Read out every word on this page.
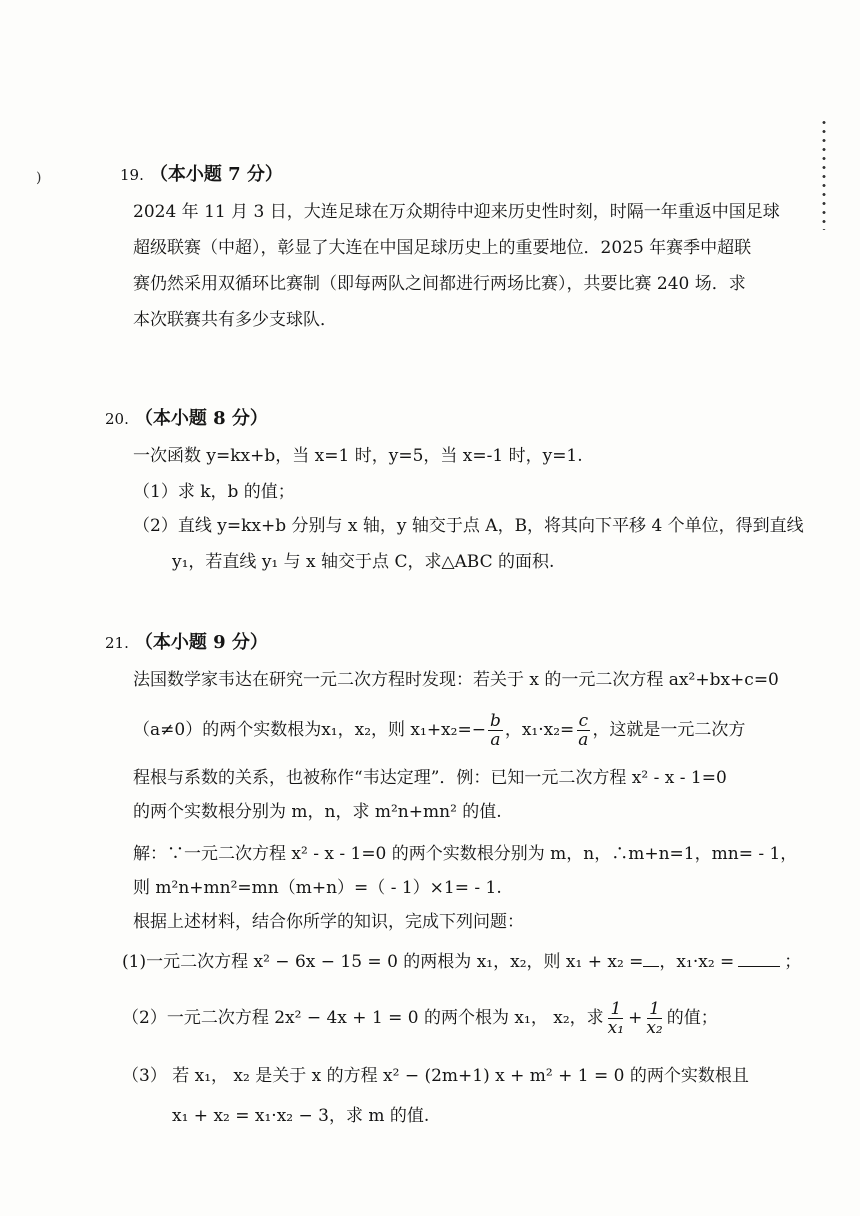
)	19. （本小题 7 分）
2024 年 11 月 3 日，大连足球在万众期待中迎来历史性时刻，时隔一年重返中国足球
超级联赛（中超），彰显了大连在中国足球历史上的重要地位．2025 年赛季中超联
赛仍然采用双循环比赛制（即每两队之间都进行两场比赛），共要比赛 240 场．求
本次联赛共有多少支球队．
20. （本小题 8 分）
一次函数 y=kx+b，当 x=1 时，y=5，当 x=-1 时，y=1.
（1）求 k，b 的值；
（2）直线 y=kx+b 分别与 x 轴，y 轴交于点 A，B，将其向下平移 4 个单位，得到直线
y₁，若直线 y₁ 与 x 轴交于点 C，求△ABC 的面积.
21. （本小题 9 分）
法国数学家韦达在研究一元二次方程时发现：若关于 x 的一元二次方程 ax²+bx+c=0
（a≠0）的两个实数根为x₁，x₂，则 $x_1+x_2=- \frac{b}{a}$ ，$x_1\cdot x_2= \frac{c}{a}$ ，这就是一元二次方
程根与系数的关系，也被称作“韦达定理”．例：已知一元二次方程 x² - x - 1=0
的两个实数根分别为 m，n，求 m²n+mn² 的值.
解：∵一元二次方程 x² - x - 1=0 的两个实数根分别为 m，n，∴m+n=1，mn= - 1，
则 m²n+mn²=mn（m+n）=（ - 1）×1= - 1.
根据上述材料，结合你所学的知识，完成下列问题：
(1)一元二次方程 x² − 6x − 15 = 0 的两根为 x₁，x₂，则 x₁ + x₂ = ，x₁·x₂ =	；
（2）一元二次方程 2x² − 4x + 1 = 0 的两个根为 x₁， x₂，求 $\frac{1}{\text{x₁}} + \frac{1}{\text{x₂}}$ 的值；
（3） 若 x₁， x₂ 是关于 x 的方程 x² − (2m+1) x + m² + 1 = 0 的两个实数根且
x₁ + x₂ = x₁·x₂ − 3，求 m 的值.
